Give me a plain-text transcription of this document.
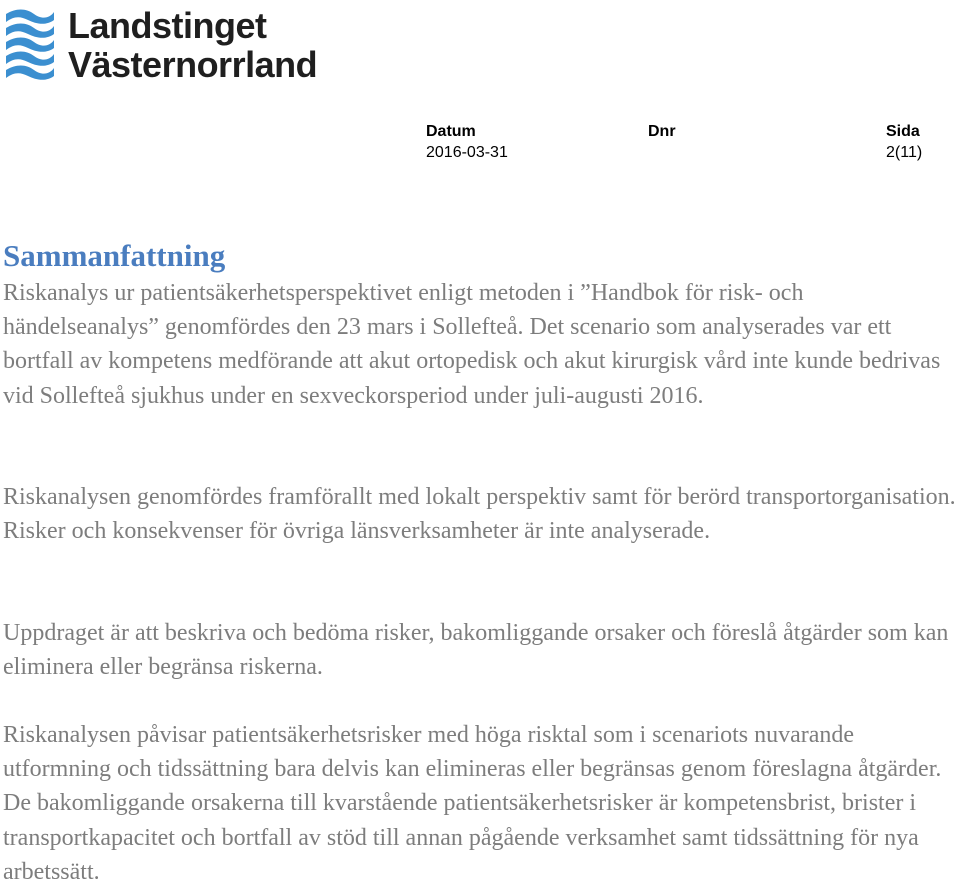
Landstinget
Västernorrland
Datum
2016-03-31
Dnr	Sida
2(11)
Sammanfattning

Riskanalys ur patientsäkerhetsperspektivet enligt metoden i ”Handbok för risk- och händelseanalys” genomfördes den 23 mars i Sollefteå. Det scenario som analyserades var ett bortfall av kompetens medförande att akut ortopedisk och akut kirurgisk vård inte kunde bedrivas vid Sollefteå sjukhus under en sexveckorsperiod under juli-augusti 2016.

Riskanalysen genomfördes framförallt med lokalt perspektiv samt för berörd transportorganisation. Risker och konsekvenser för övriga länsverksamheter är inte analyserade.

Uppdraget är att beskriva och bedöma risker, bakomliggande orsaker och föreslå åtgärder som kan eliminera eller begränsa riskerna.

Riskanalysen påvisar patientsäkerhetsrisker med höga risktal som i scenariots nuvarande utformning och tidssättning bara delvis kan elimineras eller begränsas genom föreslagna åtgärder. De bakomliggande orsakerna till kvarstående patientsäkerhetsrisker är kompetensbrist, brister i transportkapacitet och bortfall av stöd till annan pågående verksamhet samt tidssättning för nya arbetssätt.
